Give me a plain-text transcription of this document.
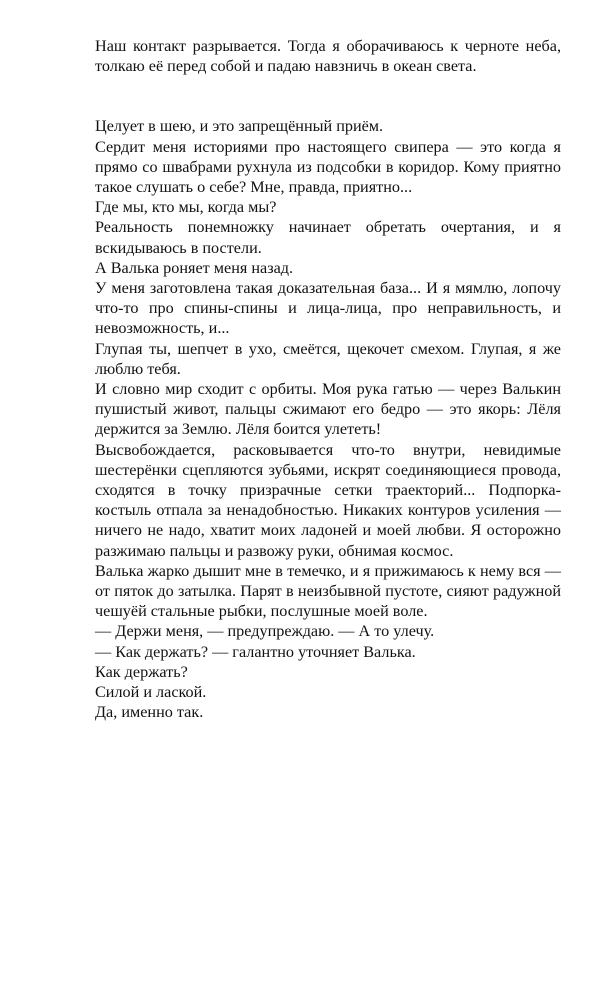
Наш контакт разрывается. Тогда я оборачиваюсь к черноте неба, толкаю её перед собой и падаю навзничь в океан света.

Целует в шею, и это запрещённый приём.

Сердит меня историями про настоящего свипера — это когда я прямо со швабрами рухнула из подсобки в коридор. Кому приятно такое слушать о себе? Мне, правда, приятно...

Где мы, кто мы, когда мы?

Реальность понемножку начинает обретать очертания, и я вскидываюсь в постели.

А Валька роняет меня назад.

У меня заготовлена такая доказательная база... И я мямлю, лопочу что-то про спины-спины и лица-лица, про неправильность, и невозможность, и...

Глупая ты, шепчет в ухо, смеётся, щекочет смехом. Глупая, я же люблю тебя.

И словно мир сходит с орбиты. Моя рука гатью — через Валькин пушистый живот, пальцы сжимают его бедро — это якорь: Лёля держится за Землю. Лёля боится улететь!

Высвобождается, расковывается что-то внутри, невидимые шестерёнки сцепляются зубьями, искрят соединяющиеся провода, сходятся в точку призрачные сетки траекторий... Подпорка-костыль отпала за ненадобностью. Никаких контуров усиления — ничего не надо, хватит моих ладоней и моей любви. Я осторожно разжимаю пальцы и развожу руки, обнимая космос.

Валька жарко дышит мне в темечко, и я прижимаюсь к нему вся — от пяток до затылка. Парят в неизбывной пустоте, сияют радужной чешуёй стальные рыбки, послушные моей воле.

— Держи меня, — предупреждаю. — А то улечу.

— Как держать? — галантно уточняет Валька.

Как держать?

Силой и лаской.

Да, именно так.
